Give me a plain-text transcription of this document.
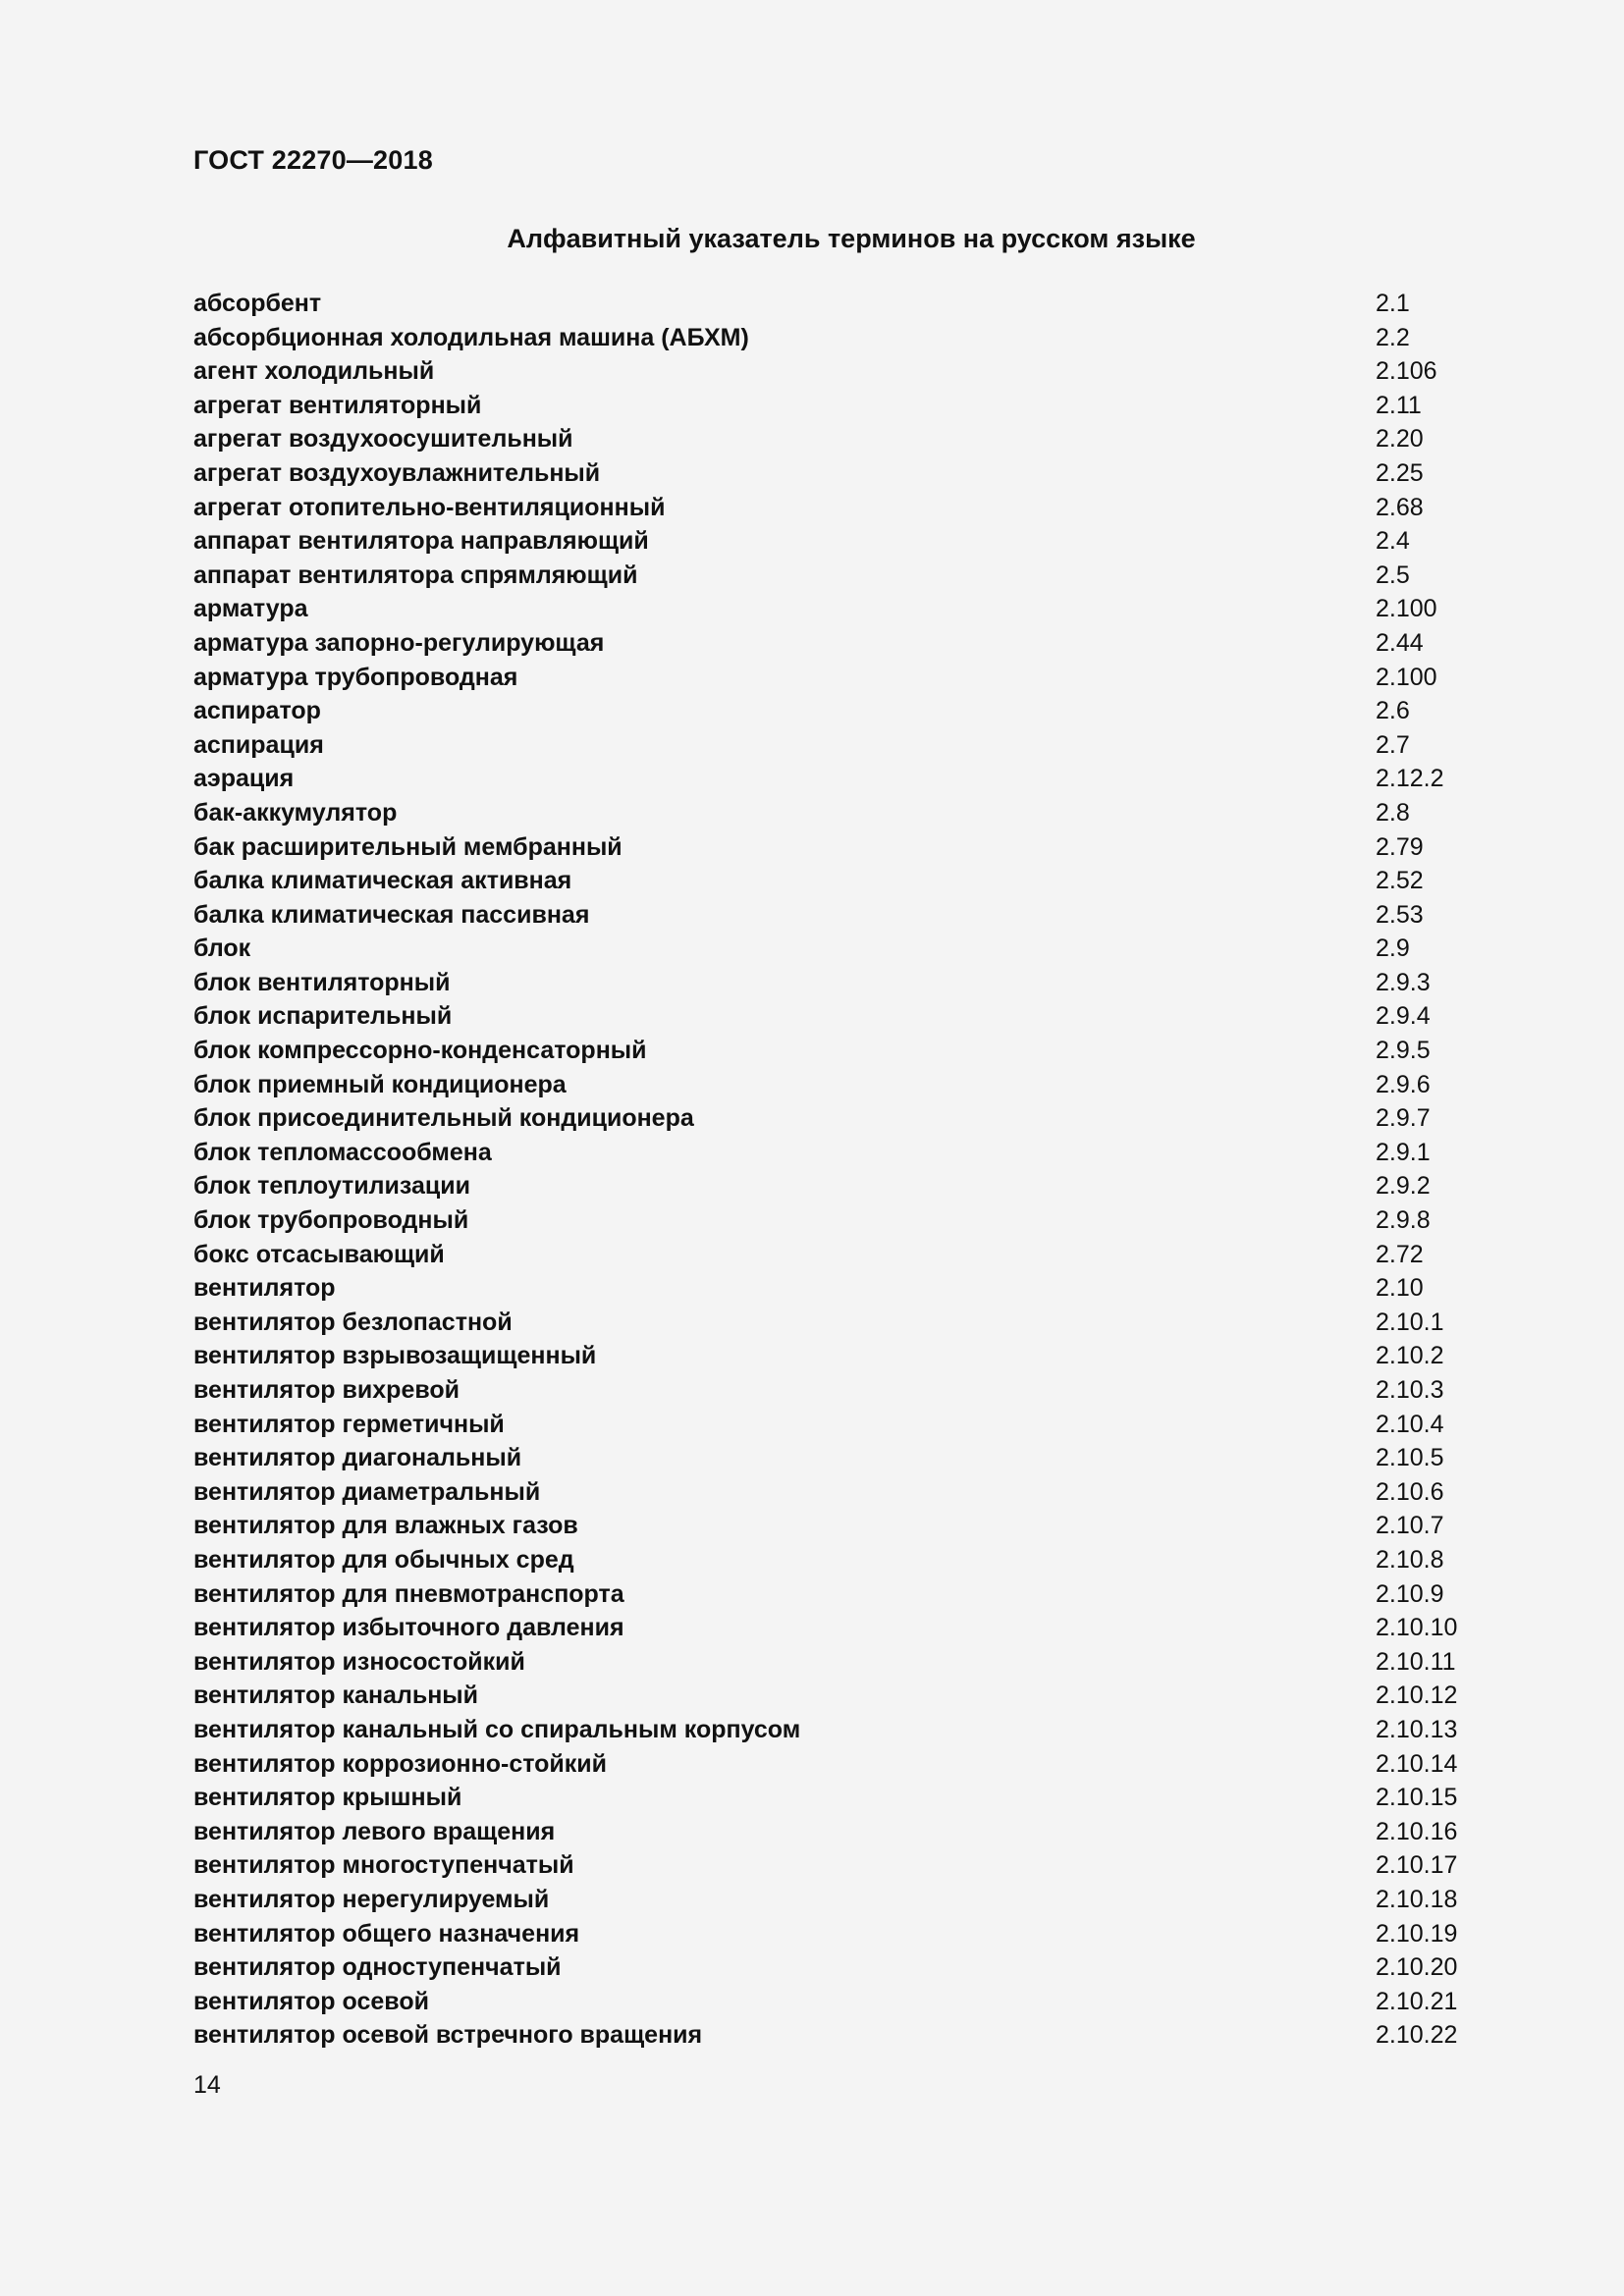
ГОСТ 22270—2018
Алфавитный указатель терминов на русском языке
абсорбент	2.1
абсорбционная холодильная машина (АБХМ)	2.2
агент холодильный	2.106
агрегат вентиляторный	2.11
агрегат воздухоосушительный	2.20
агрегат воздухоувлажнительный	2.25
агрегат отопительно-вентиляционный	2.68
аппарат вентилятора направляющий	2.4
аппарат вентилятора спрямляющий	2.5
арматура	2.100
арматура запорно-регулирующая	2.44
арматура трубопроводная	2.100
аспиратор	2.6
аспирация	2.7
аэрация	2.12.2
бак-аккумулятор	2.8
бак расширительный мембранный	2.79
балка климатическая активная	2.52
балка климатическая пассивная	2.53
блок	2.9
блок вентиляторный	2.9.3
блок испарительный	2.9.4
блок компрессорно-конденсаторный	2.9.5
блок приемный кондиционера	2.9.6
блок присоединительный кондиционера	2.9.7
блок тепломассообмена	2.9.1
блок теплоутилизации	2.9.2
блок трубопроводный	2.9.8
бокс отсасывающий	2.72
вентилятор	2.10
вентилятор безлопастной	2.10.1
вентилятор взрывозащищенный	2.10.2
вентилятор вихревой	2.10.3
вентилятор герметичный	2.10.4
вентилятор диагональный	2.10.5
вентилятор диаметральный	2.10.6
вентилятор для влажных газов	2.10.7
вентилятор для обычных сред	2.10.8
вентилятор для пневмотранспорта	2.10.9
вентилятор избыточного давления	2.10.10
вентилятор износостойкий	2.10.11
вентилятор канальный	2.10.12
вентилятор канальный со спиральным корпусом	2.10.13
вентилятор коррозионно-стойкий	2.10.14
вентилятор крышный	2.10.15
вентилятор левого вращения	2.10.16
вентилятор многоступенчатый	2.10.17
вентилятор нерегулируемый	2.10.18
вентилятор общего назначения	2.10.19
вентилятор одноступенчатый	2.10.20
вентилятор осевой	2.10.21
вентилятор осевой встречного вращения	2.10.22
14
